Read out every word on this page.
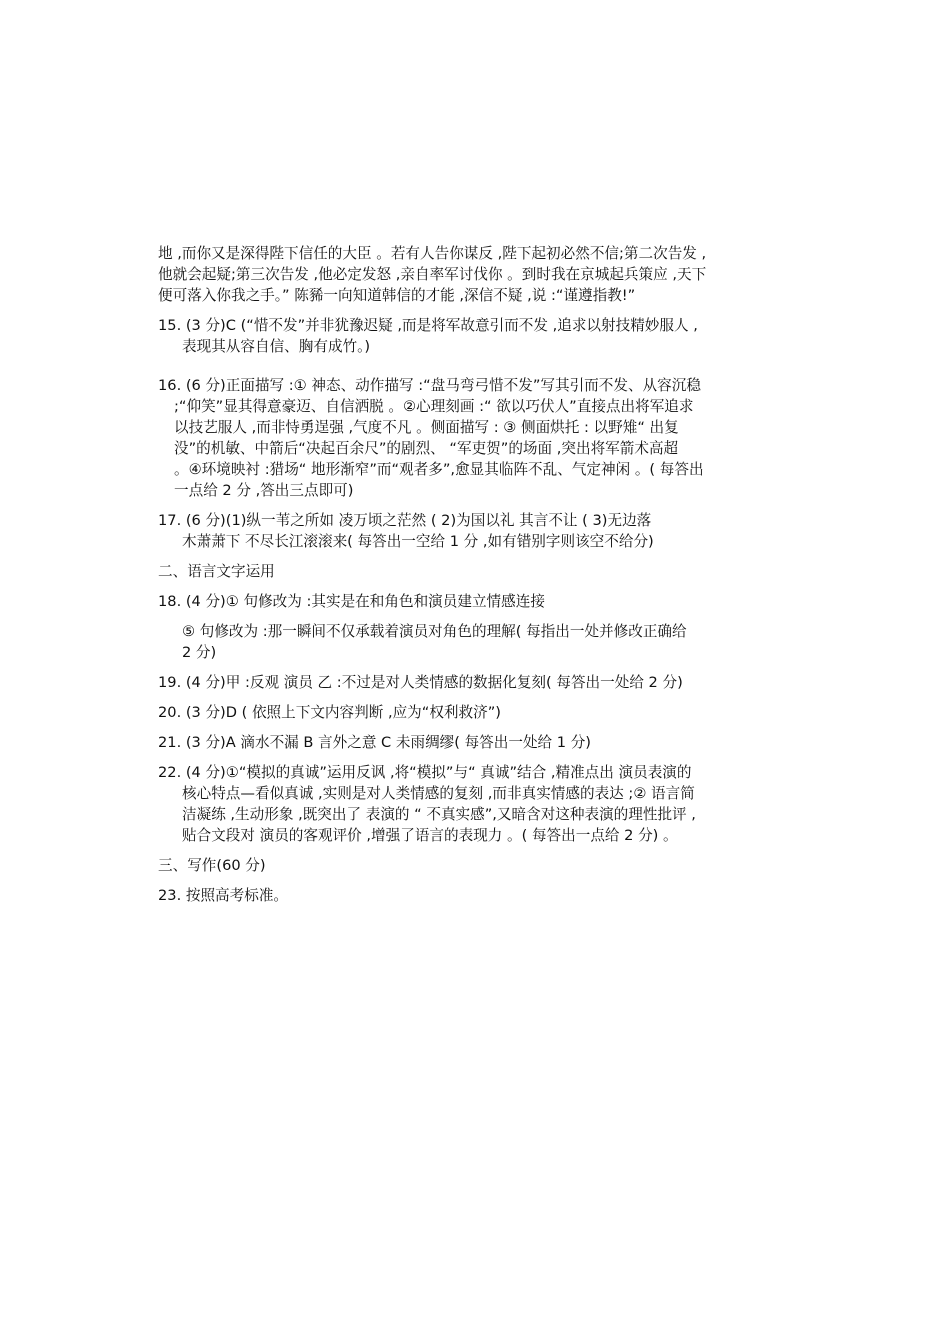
地 ,而你又是深得陛下信任的大臣 。若有人告你谋反 ,陛下起初必然不信;第二次告发 ,
他就会起疑;第三次告发 ,他必定发怒 ,亲自率军讨伐你 。到时我在京城起兵策应 ,天下
便可落入你我之手。” 陈豨一向知道韩信的才能 ,深信不疑 ,说 :“谨遵指教!”
15. (3 分)C (“惜不发”并非犹豫迟疑 ,而是将军故意引而不发 ,追求以射技精妙服人 ,
表现其从容自信、胸有成竹。)
16. (6 分)正面描写 :① 神态、动作描写 :“盘马弯弓惜不发”写其引而不发、从容沉稳
;“仰笑”显其得意豪迈、自信洒脱 。②心理刻画 :“ 欲以巧伏人”直接点出将军追求
以技艺服人 ,而非恃勇逞强 ,气度不凡 。侧面描写 : ③ 侧面烘托 : 以野雉“ 出复
没”的机敏、中箭后“决起百余尺”的剧烈、 “军吏贺”的场面 ,突出将军箭术高超
。④环境映衬 :猎场“ 地形渐窄”而“观者多”,愈显其临阵不乱、气定神闲 。( 每答出
一点给 2 分 ,答出三点即可)
17. (6 分)(1)纵一苇之所如 凌万顷之茫然 ( 2)为国以礼 其言不让 ( 3)无边落
木萧萧下 不尽长江滚滚来( 每答出一空给 1 分 ,如有错别字则该空不给分)
二、语言文字运用
18. (4 分)① 句修改为 :其实是在和角色和演员建立情感连接
⑤ 句修改为 :那一瞬间不仅承载着演员对角色的理解( 每指出一处并修改正确给
2 分)
19. (4 分)甲 :反观 演员 乙 :不过是对人类情感的数据化复刻( 每答出一处给 2 分)
20. (3 分)D ( 依照上下文内容判断 ,应为“权利救济”)
21. (3 分)A 滴水不漏 B 言外之意 C 未雨绸缪( 每答出一处给 1 分)
22. (4 分)①“模拟的真诚”运用反讽 ,将“模拟”与“ 真诚”结合 ,精准点出 演员表演的
核心特点—看似真诚 ,实则是对人类情感的复刻 ,而非真实情感的表达 ;② 语言简
洁凝练 ,生动形象 ,既突出了 表演的 “ 不真实感”,又暗含对这种表演的理性批评 ,
贴合文段对 演员的客观评价 ,增强了语言的表现力 。( 每答出一点给 2 分) 。
三、写作(60 分)
23. 按照高考标准。
